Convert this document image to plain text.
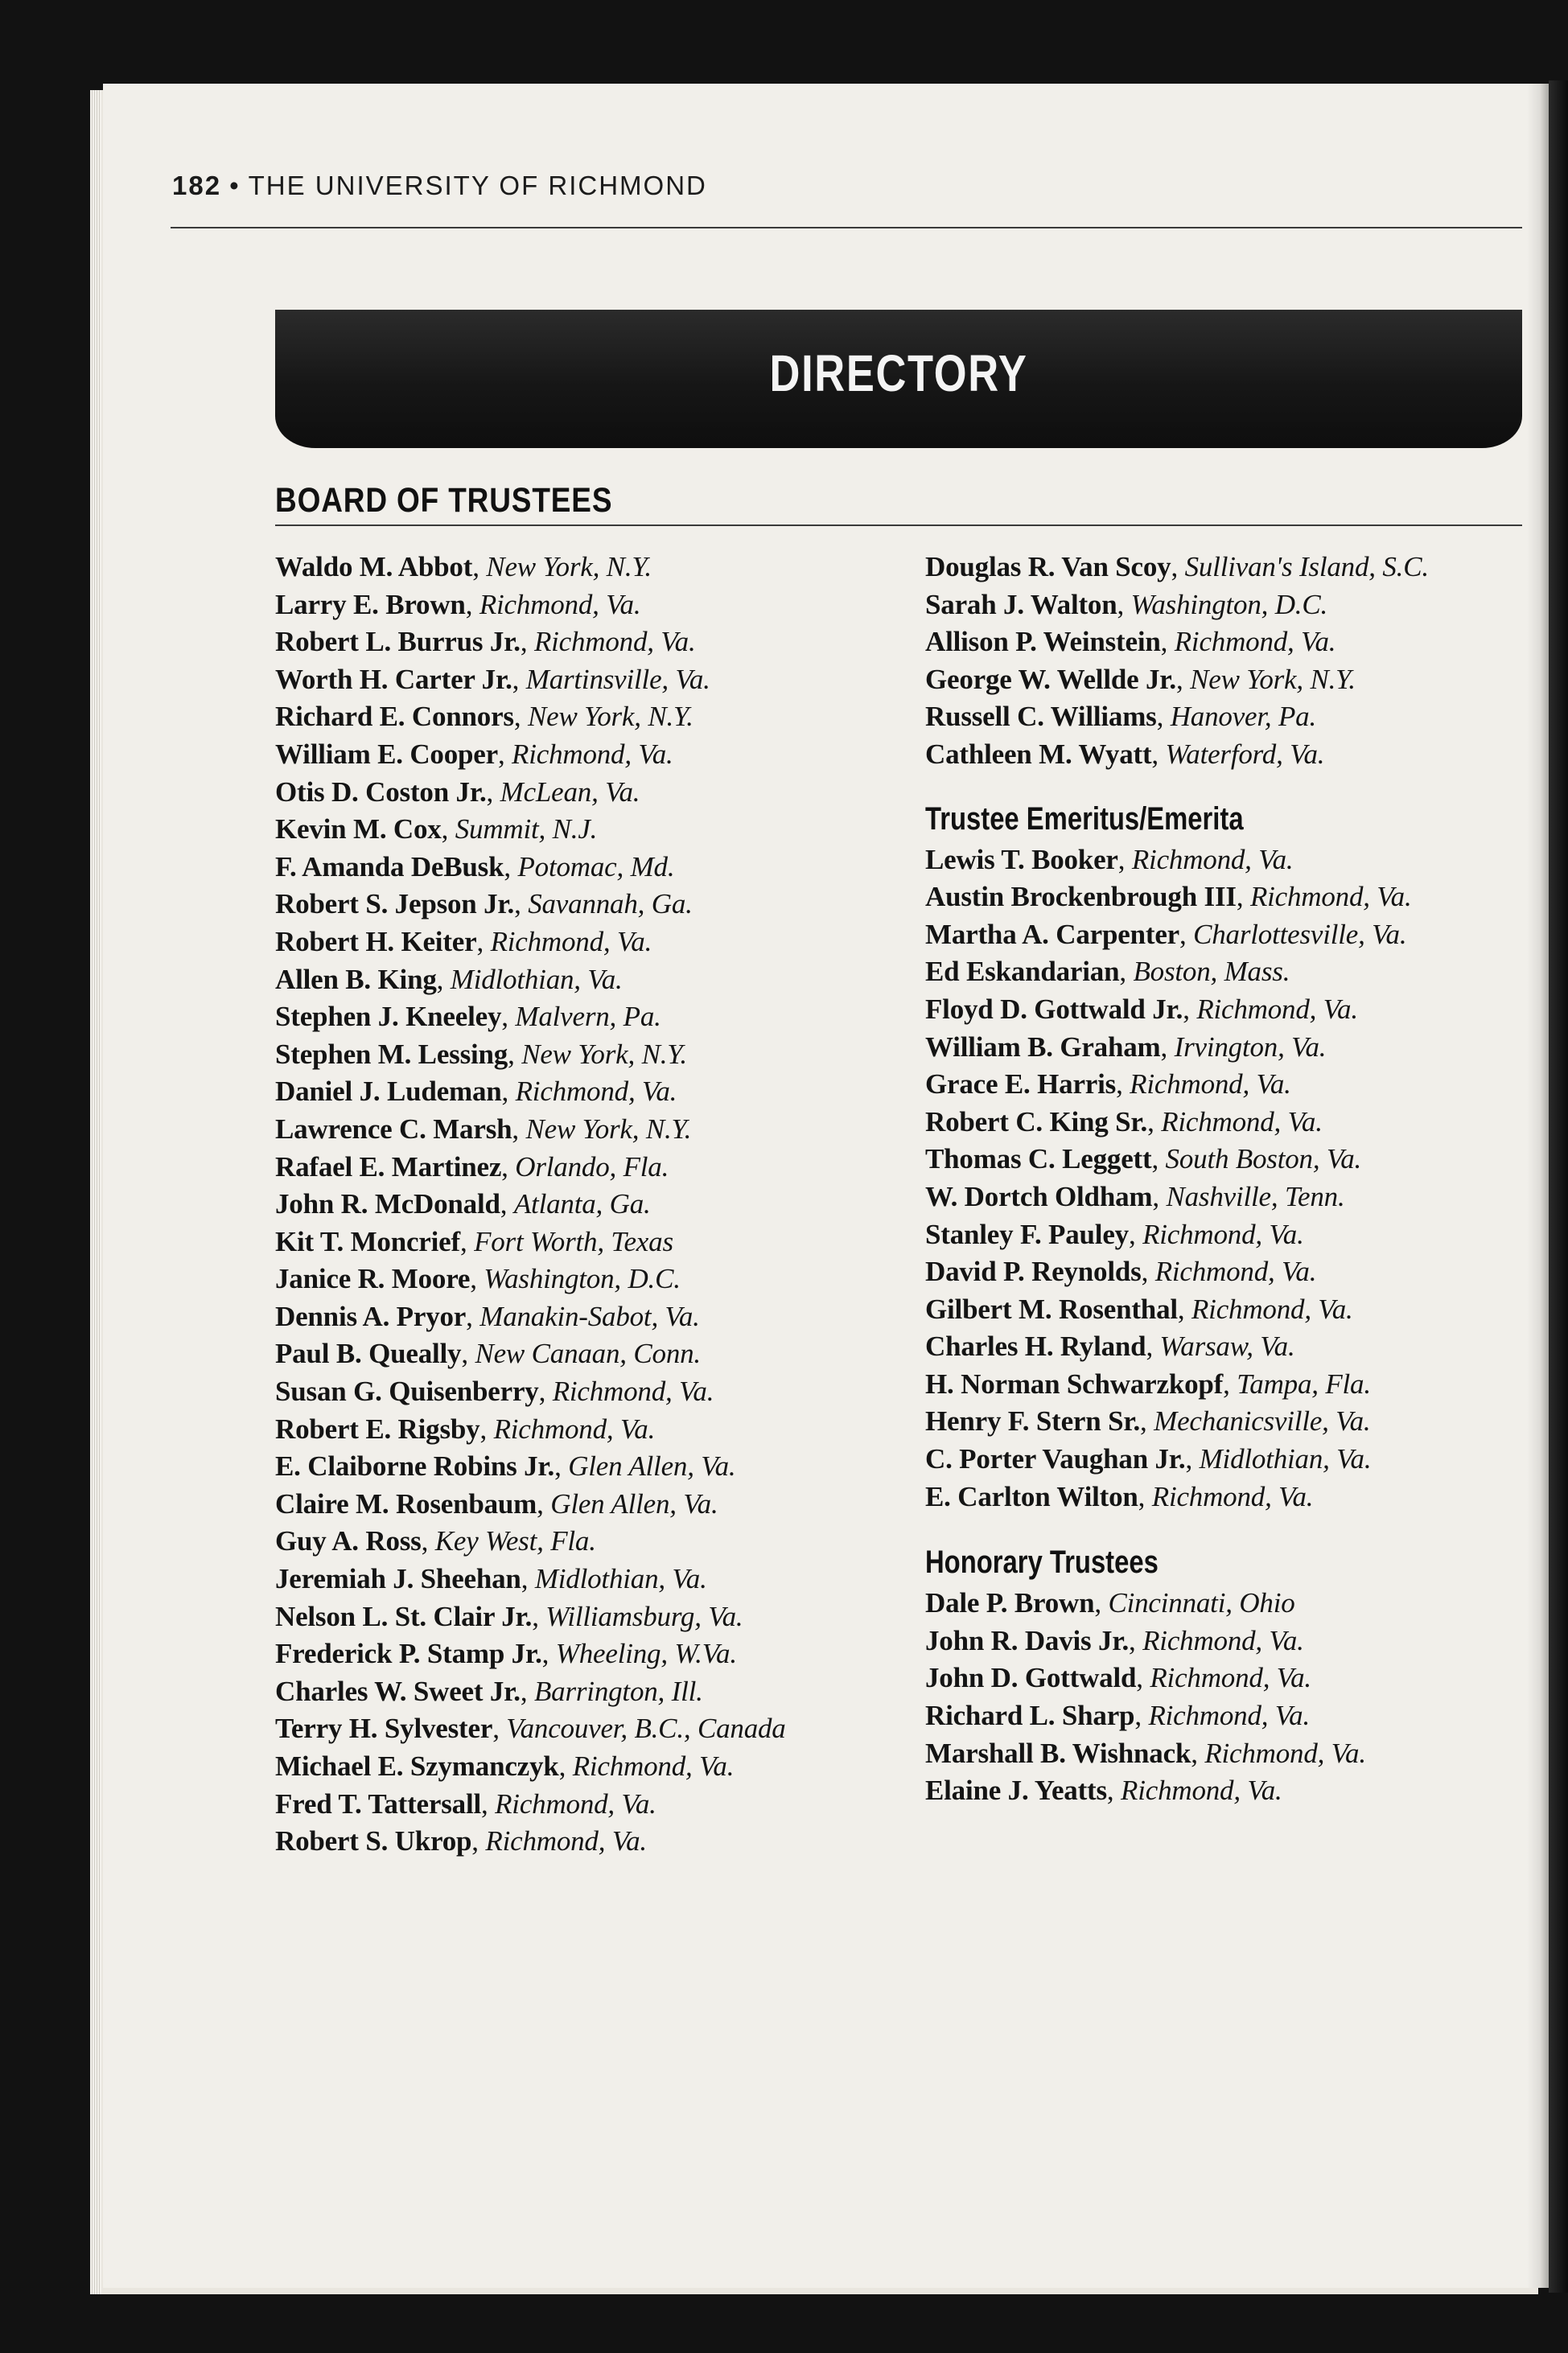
182 • THE UNIVERSITY OF RICHMOND
DIRECTORY
BOARD OF TRUSTEES
Waldo M. Abbot, New York, N.Y.
Larry E. Brown, Richmond, Va.
Robert L. Burrus Jr., Richmond, Va.
Worth H. Carter Jr., Martinsville, Va.
Richard E. Connors, New York, N.Y.
William E. Cooper, Richmond, Va.
Otis D. Coston Jr., McLean, Va.
Kevin M. Cox, Summit, N.J.
F. Amanda DeBusk, Potomac, Md.
Robert S. Jepson Jr., Savannah, Ga.
Robert H. Keiter, Richmond, Va.
Allen B. King, Midlothian, Va.
Stephen J. Kneeley, Malvern, Pa.
Stephen M. Lessing, New York, N.Y.
Daniel J. Ludeman, Richmond, Va.
Lawrence C. Marsh, New York, N.Y.
Rafael E. Martinez, Orlando, Fla.
John R. McDonald, Atlanta, Ga.
Kit T. Moncrief, Fort Worth, Texas
Janice R. Moore, Washington, D.C.
Dennis A. Pryor, Manakin-Sabot, Va.
Paul B. Queally, New Canaan, Conn.
Susan G. Quisenberry, Richmond, Va.
Robert E. Rigsby, Richmond, Va.
E. Claiborne Robins Jr., Glen Allen, Va.
Claire M. Rosenbaum, Glen Allen, Va.
Guy A. Ross, Key West, Fla.
Jeremiah J. Sheehan, Midlothian, Va.
Nelson L. St. Clair Jr., Williamsburg, Va.
Frederick P. Stamp Jr., Wheeling, W.Va.
Charles W. Sweet Jr., Barrington, Ill.
Terry H. Sylvester, Vancouver, B.C., Canada
Michael E. Szymanczyk, Richmond, Va.
Fred T. Tattersall, Richmond, Va.
Robert S. Ukrop, Richmond, Va.
Douglas R. Van Scoy, Sullivan's Island, S.C.
Sarah J. Walton, Washington, D.C.
Allison P. Weinstein, Richmond, Va.
George W. Wellde Jr., New York, N.Y.
Russell C. Williams, Hanover, Pa.
Cathleen M. Wyatt, Waterford, Va.
Trustee Emeritus/Emerita
Lewis T. Booker, Richmond, Va.
Austin Brockenbrough III, Richmond, Va.
Martha A. Carpenter, Charlottesville, Va.
Ed Eskandarian, Boston, Mass.
Floyd D. Gottwald Jr., Richmond, Va.
William B. Graham, Irvington, Va.
Grace E. Harris, Richmond, Va.
Robert C. King Sr., Richmond, Va.
Thomas C. Leggett, South Boston, Va.
W. Dortch Oldham, Nashville, Tenn.
Stanley F. Pauley, Richmond, Va.
David P. Reynolds, Richmond, Va.
Gilbert M. Rosenthal, Richmond, Va.
Charles H. Ryland, Warsaw, Va.
H. Norman Schwarzkopf, Tampa, Fla.
Henry F. Stern Sr., Mechanicsville, Va.
C. Porter Vaughan Jr., Midlothian, Va.
E. Carlton Wilton, Richmond, Va.
Honorary Trustees
Dale P. Brown, Cincinnati, Ohio
John R. Davis Jr., Richmond, Va.
John D. Gottwald, Richmond, Va.
Richard L. Sharp, Richmond, Va.
Marshall B. Wishnack, Richmond, Va.
Elaine J. Yeatts, Richmond, Va.
